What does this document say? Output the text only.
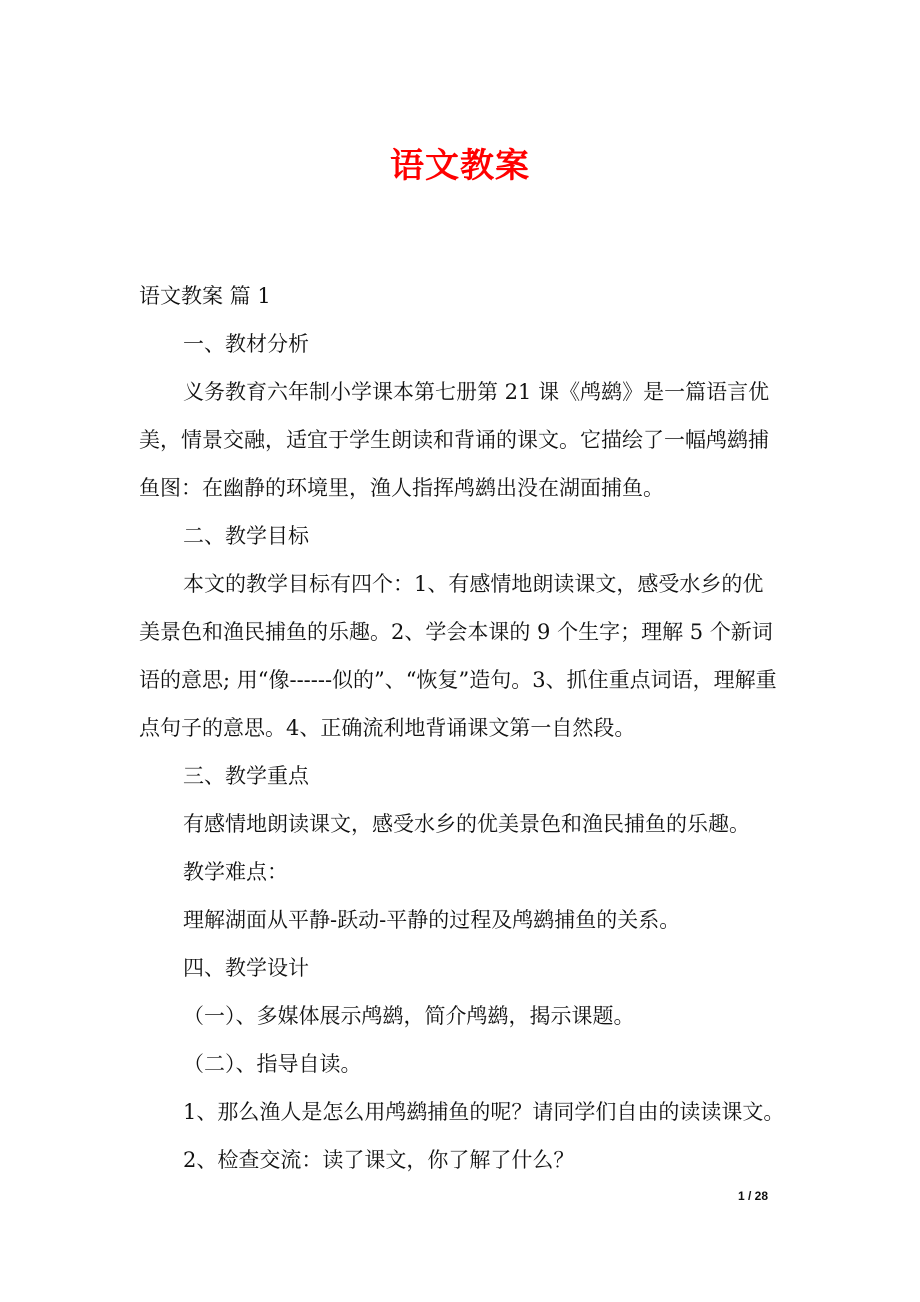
语文教案
语文教案 篇 1
一、教材分析
义务教育六年制小学课本第七册第 21 课《鸬鹚》是一篇语言优
美，情景交融，适宜于学生朗读和背诵的课文。它描绘了一幅鸬鹚捕
鱼图：在幽静的环境里，渔人指挥鸬鹚出没在湖面捕鱼。
二、教学目标
本文的教学目标有四个：1、有感情地朗读课文，感受水乡的优
美景色和渔民捕鱼的乐趣。2、学会本课的 9 个生字；理解 5 个新词
语的意思; 用“像------似的”、“恢复”造句。3、抓住重点词语，理解重
点句子的意思。4、正确流利地背诵课文第一自然段。
三、教学重点
有感情地朗读课文，感受水乡的优美景色和渔民捕鱼的乐趣。
教学难点：
理解湖面从平静-跃动-平静的过程及鸬鹚捕鱼的关系。
四、教学设计
（一）、多媒体展示鸬鹚，简介鸬鹚，揭示课题。
（二）、指导自读。
1、那么渔人是怎么用鸬鹚捕鱼的呢？请同学们自由的读读课文。
2、检查交流：读了课文，你了解了什么？
1 / 28
